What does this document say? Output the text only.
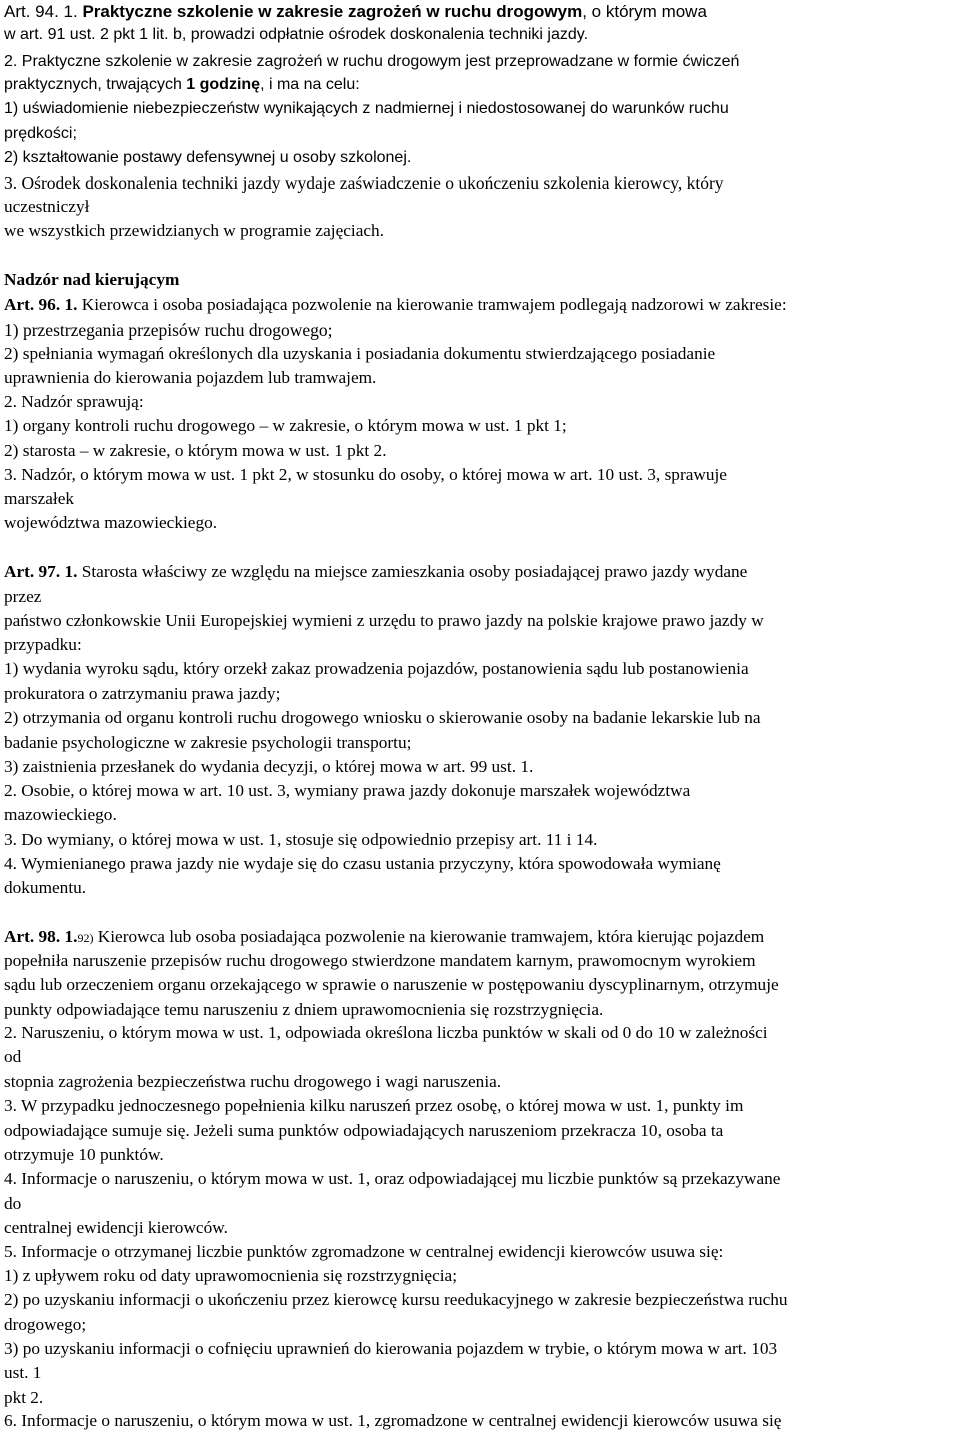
Art. 94. 1. Praktyczne szkolenie w zakresie zagrożeń w ruchu drogowym, o którym mowa
w art. 91 ust. 2 pkt 1 lit. b, prowadzi odpłatnie ośrodek doskonalenia techniki jazdy.
2. Praktyczne szkolenie w zakresie zagrożeń w ruchu drogowym jest przeprowadzane w formie ćwiczeń
praktycznych, trwających 1 godzinę, i ma na celu:
1) uświadomienie niebezpieczeństw wynikających z nadmiernej i niedostosowanej do warunków ruchu
prędkości;
2) kształtowanie postawy defensywnej u osoby szkolonej.
3. Ośrodek doskonalenia techniki jazdy wydaje zaświadczenie o ukończeniu szkolenia kierowcy, który
uczestniczył
we wszystkich przewidzianych w programie zajęciach.
Nadzór nad kierującym
Art. 96. 1. Kierowca i osoba posiadająca pozwolenie na kierowanie tramwajem podlegają nadzorowi w zakresie:
1) przestrzegania przepisów ruchu drogowego;
2) spełniania wymagań określonych dla uzyskania i posiadania dokumentu stwierdzającego posiadanie
uprawnienia do kierowania pojazdem lub tramwajem.
2. Nadzór sprawują:
1) organy kontroli ruchu drogowego – w zakresie, o którym mowa w ust. 1 pkt 1;
2) starosta – w zakresie, o którym mowa w ust. 1 pkt 2.
3. Nadzór, o którym mowa w ust. 1 pkt 2, w stosunku do osoby, o której mowa w art. 10 ust. 3, sprawuje
marszałek
województwa mazowieckiego.
Art. 97. 1. Starosta właściwy ze względu na miejsce zamieszkania osoby posiadającej prawo jazdy wydane
przez
państwo członkowskie Unii Europejskiej wymieni z urzędu to prawo jazdy na polskie krajowe prawo jazdy w
przypadku:
1) wydania wyroku sądu, który orzekł zakaz prowadzenia pojazdów, postanowienia sądu lub postanowienia
prokuratora o zatrzymaniu prawa jazdy;
2) otrzymania od organu kontroli ruchu drogowego wniosku o skierowanie osoby na badanie lekarskie lub na
badanie psychologiczne w zakresie psychologii transportu;
3) zaistnienia przesłanek do wydania decyzji, o której mowa w art. 99 ust. 1.
2. Osobie, o której mowa w art. 10 ust. 3, wymiany prawa jazdy dokonuje marszałek województwa
mazowieckiego.
3. Do wymiany, o której mowa w ust. 1, stosuje się odpowiednio przepisy art. 11 i 14.
4. Wymienianego prawa jazdy nie wydaje się do czasu ustania przyczyny, która spowodowała wymianę
dokumentu.
Art. 98. 1.92) Kierowca lub osoba posiadająca pozwolenie na kierowanie tramwajem, która kierując pojazdem
popełniła naruszenie przepisów ruchu drogowego stwierdzone mandatem karnym, prawomocnym wyrokiem
sądu lub orzeczeniem organu orzekającego w sprawie o naruszenie w postępowaniu dyscyplinarnym, otrzymuje
punkty odpowiadające temu naruszeniu z dniem uprawomocnienia się rozstrzygnięcia.
2. Naruszeniu, o którym mowa w ust. 1, odpowiada określona liczba punktów w skali od 0 do 10 w zależności
od
stopnia zagrożenia bezpieczeństwa ruchu drogowego i wagi naruszenia.
3. W przypadku jednoczesnego popełnienia kilku naruszeń przez osobę, o której mowa w ust. 1, punkty im
odpowiadające sumuje się. Jeżeli suma punktów odpowiadających naruszeniom przekracza 10, osoba ta
otrzymuje 10 punktów.
4. Informacje o naruszeniu, o którym mowa w ust. 1, oraz odpowiadającej mu liczbie punktów są przekazywane
do
centralnej ewidencji kierowców.
5. Informacje o otrzymanej liczbie punktów zgromadzone w centralnej ewidencji kierowców usuwa się:
1) z upływem roku od daty uprawomocnienia się rozstrzygnięcia;
2) po uzyskaniu informacji o ukończeniu przez kierowcę kursu reedukacyjnego w zakresie bezpieczeństwa ruchu
drogowego;
3) po uzyskaniu informacji o cofnięciu uprawnień do kierowania pojazdem w trybie, o którym mowa w art. 103
ust. 1
pkt 2.
6. Informacje o naruszeniu, o którym mowa w ust. 1, zgromadzone w centralnej ewidencji kierowców usuwa się
